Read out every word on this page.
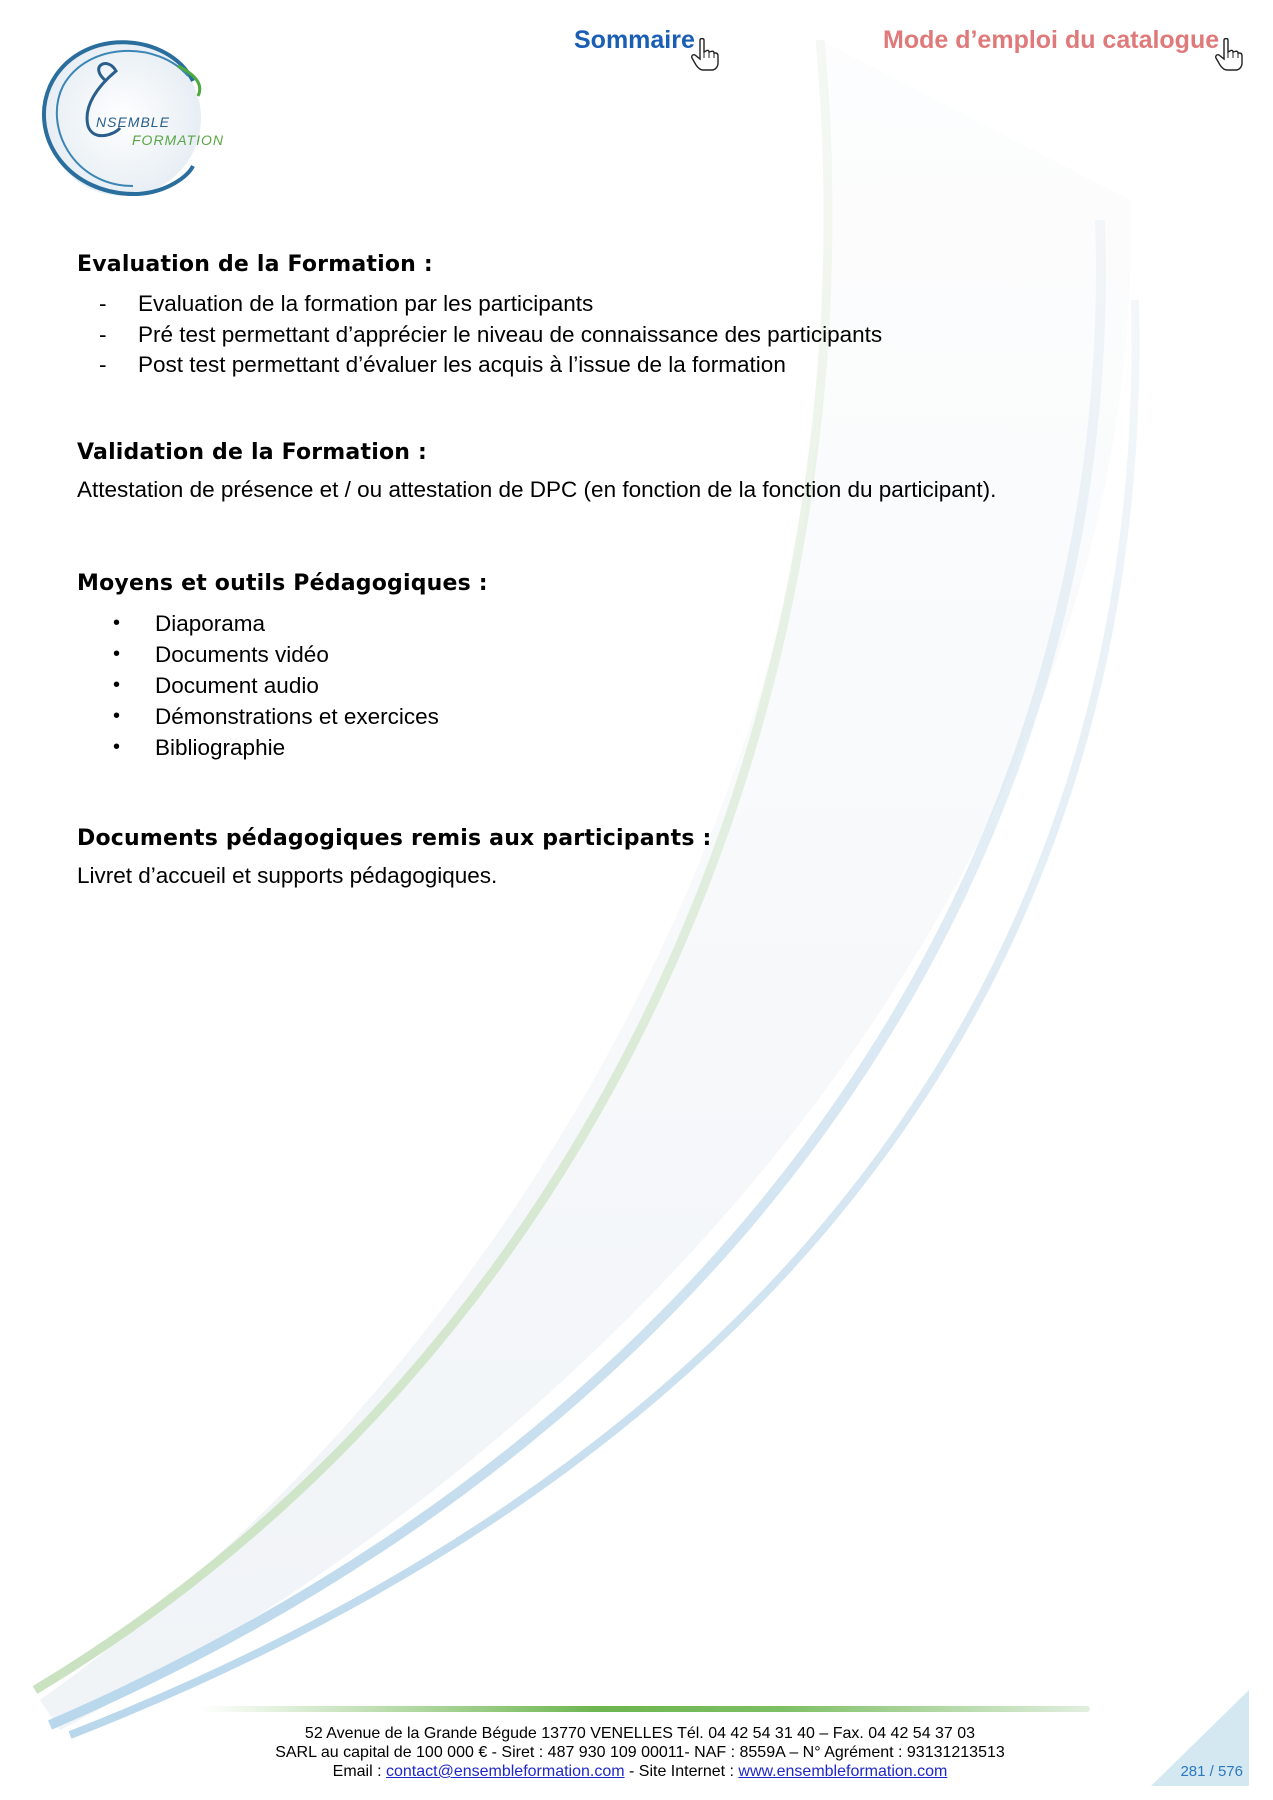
NSEMBLE
FORMATION
Sommaire	Mode d’emploi du catalogue
Evaluation de la Formation :
- Evaluation de la formation par les participants
- Pré test permettant d’apprécier le niveau de connaissance des participants
- Post test permettant d’évaluer les acquis à l’issue de la formation
Validation de la Formation :

Attestation de présence et / ou attestation de DPC (en fonction de la fonction du participant).

Moyens et outils Pédagogiques :
• Diaporama
• Documents vidéo
• Document audio
• Démonstrations et exercices
• Bibliographie
Documents pédagogiques remis aux participants :

Livret d’accueil et supports pédagogiques.

52 Avenue de la Grande Bégude 13770 VENELLES Tél. 04 42 54 31 40 – Fax. 04 42 54 37 03
SARL au capital de 100 000 € - Siret : 487 930 109 00011- NAF : 8559A – N° Agrément : 93131213513
Email : contact@ensembleformation.com - Site Internet : www.ensembleformation.com	281 / 576
